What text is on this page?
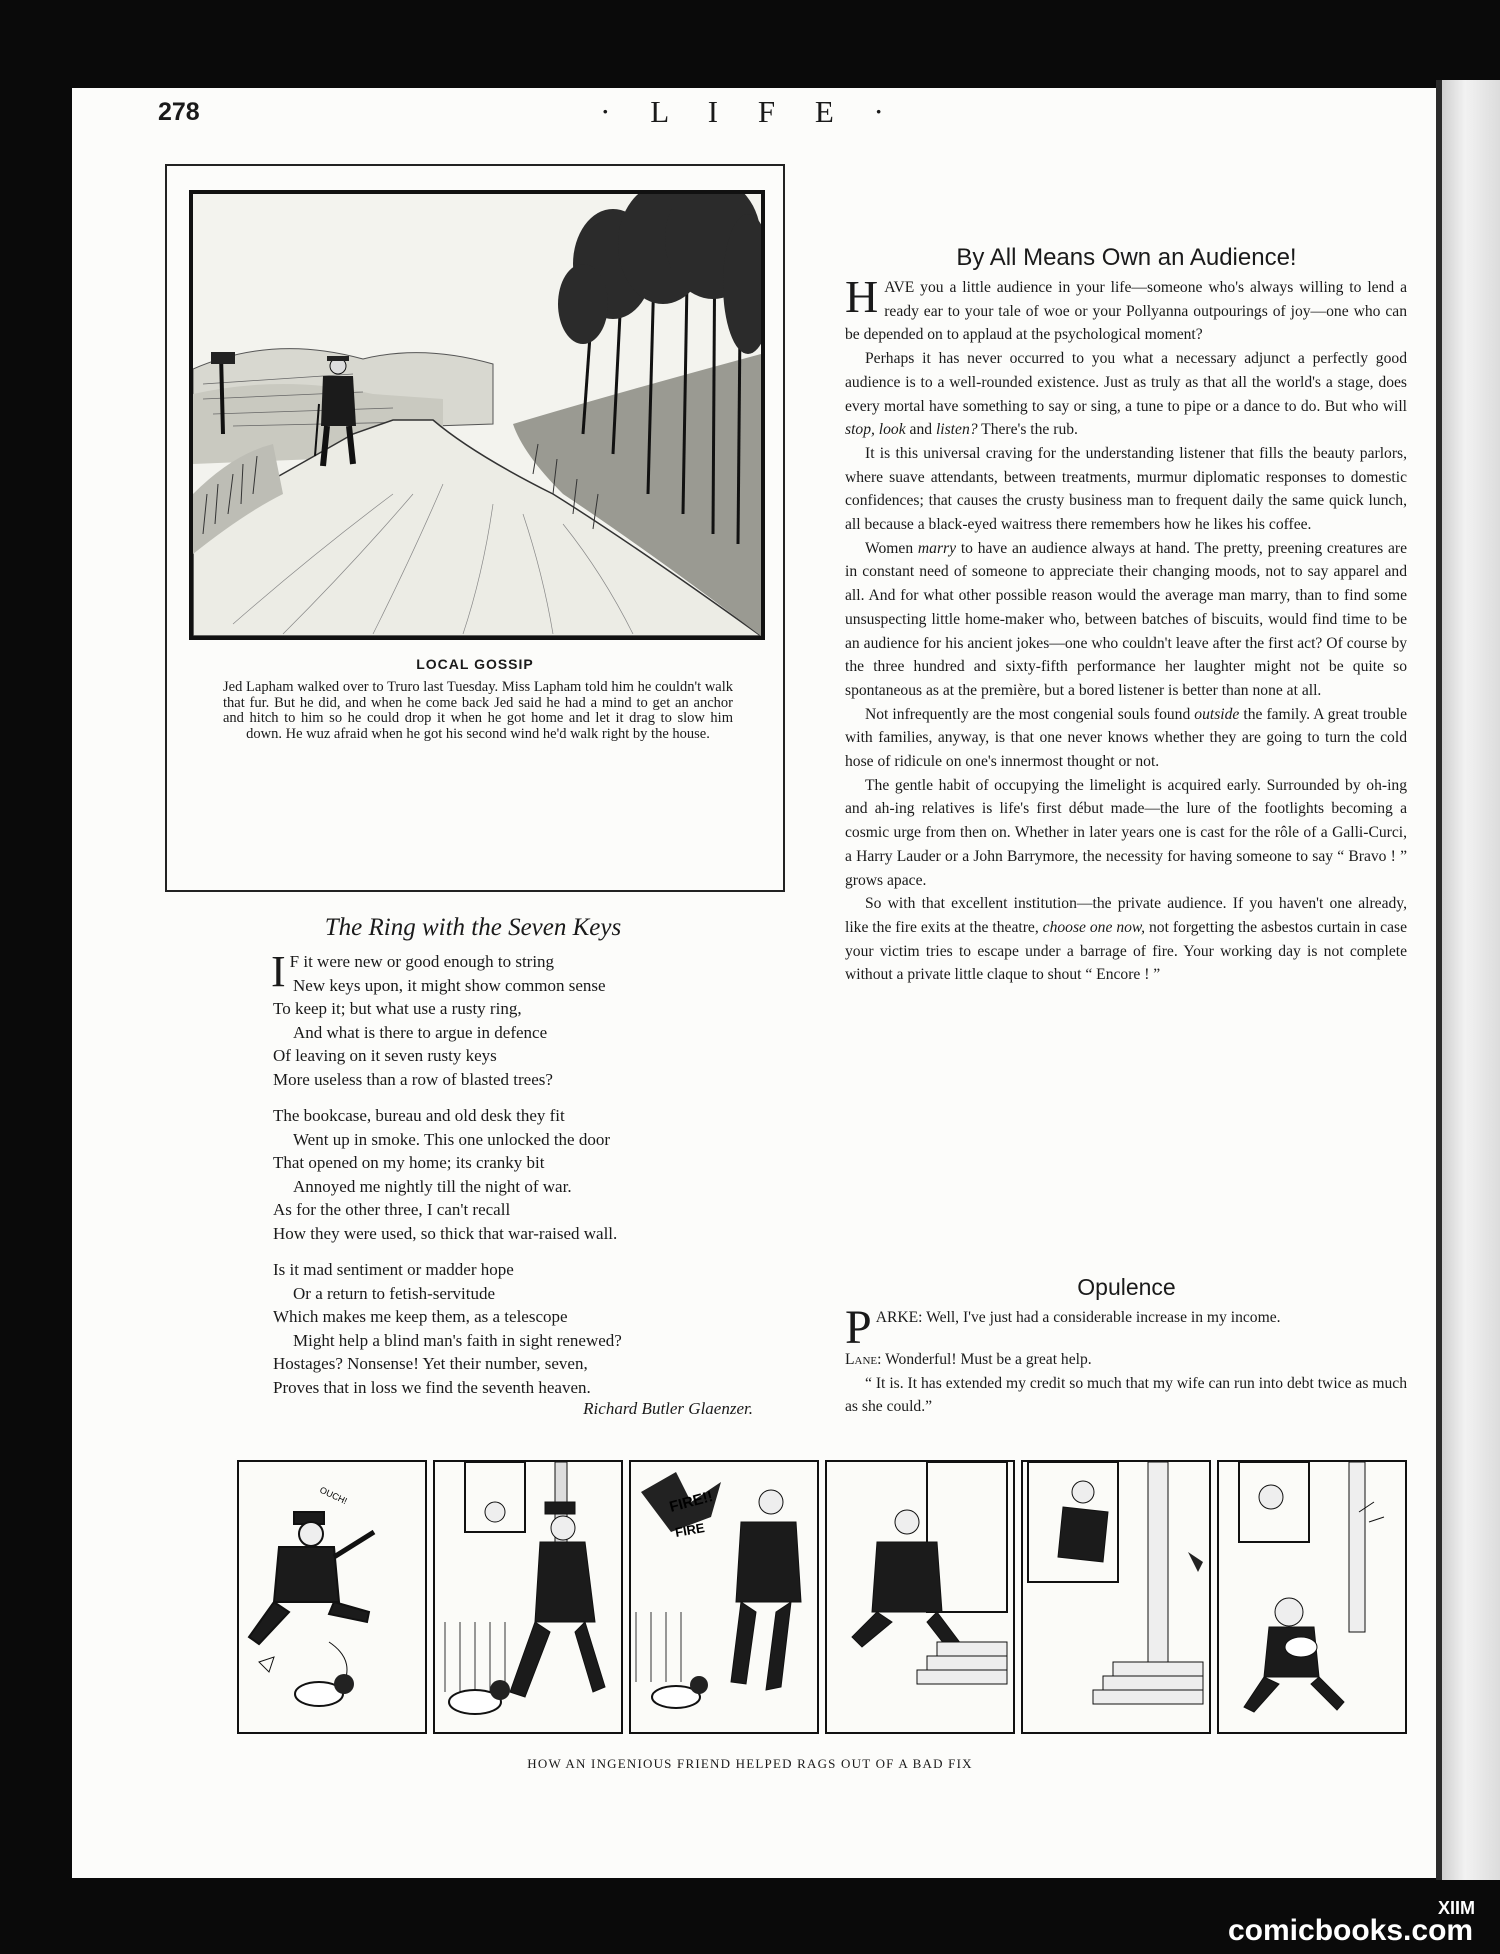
278	· L I F E ·
LOCAL GOSSIP
Jed Lapham walked over to Truro last Tuesday. Miss Lapham told him he couldn't walk that fur. But he did, and when he come back Jed said he had a mind to get an anchor and hitch to him so he could drop it when he got home and let it drag to slow him down. He wuz afraid when he got his second wind he'd walk right by the house.
The Ring with the Seven Keys
I F it were new or good enough to string
New keys upon, it might show common sense
To keep it; but what use a rusty ring,
And what is there to argue in defence
Of leaving on it seven rusty keys
More useless than a row of blasted trees?
The bookcase, bureau and old desk they fit
Went up in smoke. This one unlocked the door
That opened on my home; its cranky bit
Annoyed me nightly till the night of war.
As for the other three, I can't recall
How they were used, so thick that war-raised wall.
Is it mad sentiment or madder hope
Or a return to fetish-servitude
Which makes me keep them, as a telescope
Might help a blind man's faith in sight renewed?
Hostages? Nonsense! Yet their number, seven,
Proves that in loss we find the seventh heaven.
Richard Butler Glaenzer.
By All Means Own an Audience!

HAVE you a little audience in your life—someone who's always willing to lend a ready ear to your tale of woe or your Pollyanna outpourings of joy—one who can be depended on to applaud at the psychological moment?

Perhaps it has never occurred to you what a necessary adjunct a perfectly good audience is to a well-rounded existence. Just as truly as that all the world's a stage, does every mortal have something to say or sing, a tune to pipe or a dance to do. But who will stop, look and listen? There's the rub.

It is this universal craving for the understanding listener that fills the beauty parlors, where suave attendants, between treatments, murmur diplomatic responses to domestic confidences; that causes the crusty business man to frequent daily the same quick lunch, all because a black-eyed waitress there remembers how he likes his coffee.

Women marry to have an audience always at hand. The pretty, preening creatures are in constant need of someone to appreciate their changing moods, not to say apparel and all. And for what other possible reason would the average man marry, than to find some unsuspecting little home-maker who, between batches of biscuits, would find time to be an audience for his ancient jokes—one who couldn't leave after the first act? Of course by the three hundred and sixty-fifth performance her laughter might not be quite so spontaneous as at the première, but a bored listener is better than none at all.

Not infrequently are the most congenial souls found outside the family. A great trouble with families, anyway, is that one never knows whether they are going to turn the cold hose of ridicule on one's innermost thought or not.

The gentle habit of occupying the limelight is acquired early. Surrounded by oh-ing and ah-ing relatives is life's first début made—the lure of the footlights becoming a cosmic urge from then on. Whether in later years one is cast for the rôle of a Galli-Curci, a Harry Lauder or a John Barrymore, the necessity for having someone to say “ Bravo ! ” grows apace.

So with that excellent institution—the private audience. If you haven't one already, like the fire exits at the theatre, choose one now, not forgetting the asbestos curtain in case your victim tries to escape under a barrage of fire. Your working day is not complete without a private little claque to shout “ Encore ! ”

Opulence

PARKE: Well, I've just had a considerable increase in my income.

Lane: Wonderful! Must be a great help.

“ It is. It has extended my credit so much that my wife can run into debt twice as much as she could.”

OUCH!	FIRE!!
FIRE
HOW AN INGENIOUS FRIEND HELPED RAGS OUT OF A BAD FIX
comicbooks.com
XIIM
